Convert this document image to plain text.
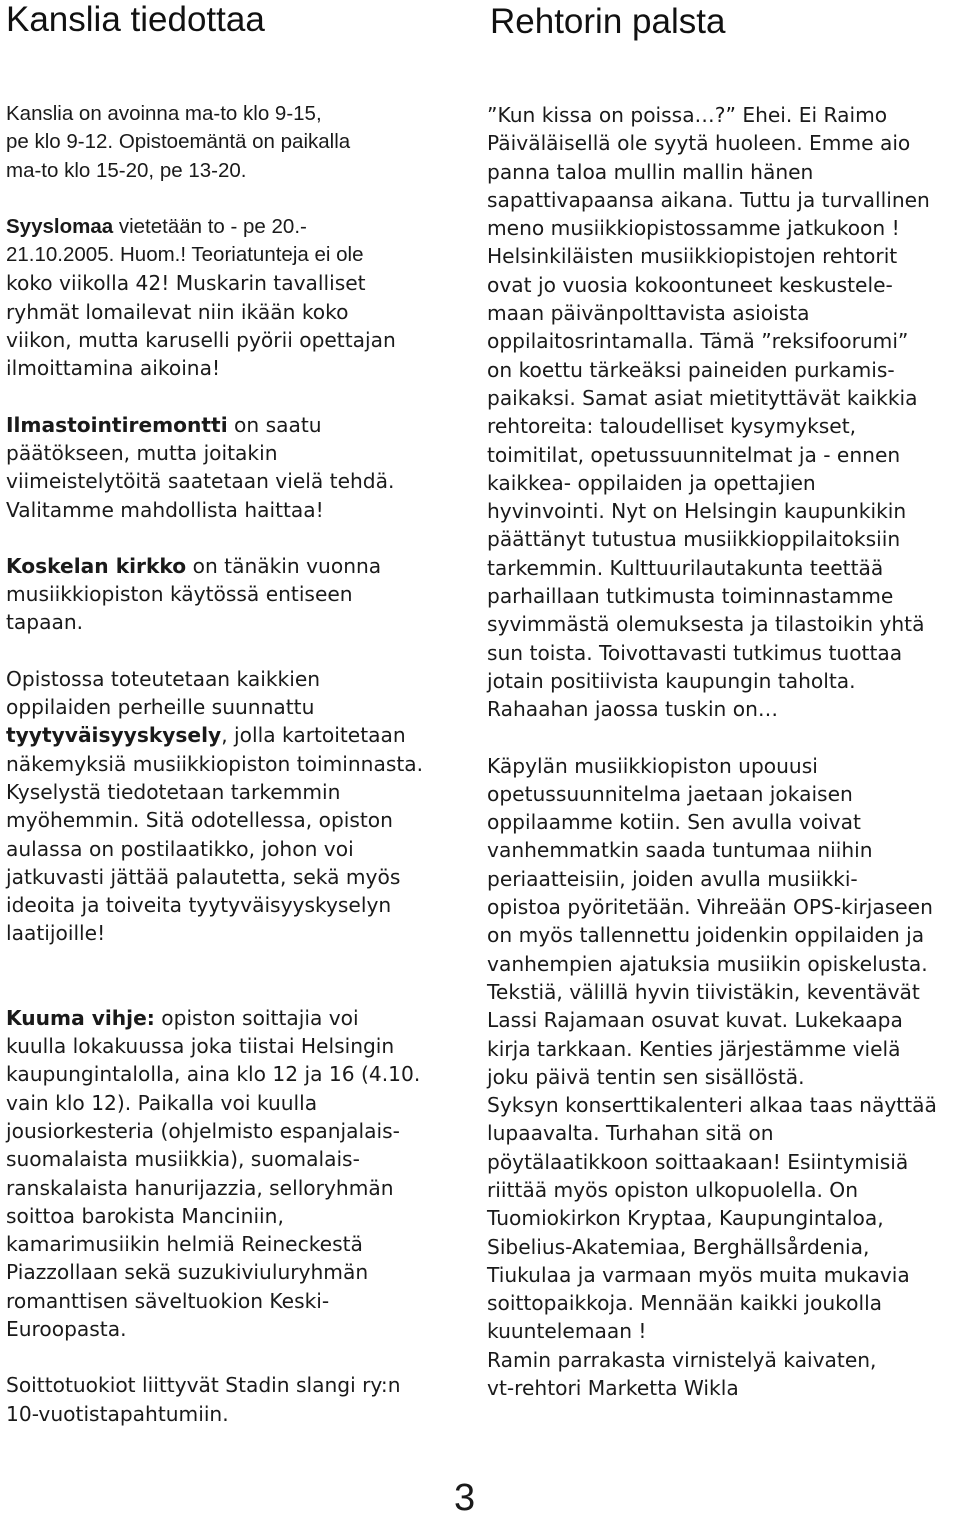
Kanslia tiedottaa	Rehtorin palsta

Kanslia on avoinna ma-to klo 9-15,
pe klo 9-12. Opistoemäntä on paikalla
ma-to klo 15-20, pe 13-20.

Syyslomaa vietetään to - pe 20.-
21.10.2005. Huom.! Teoriatunteja ei ole
koko viikolla 42! Muskarin tavalliset
ryhmät lomailevat niin ikään koko
viikon, mutta karuselli pyörii opettajan
ilmoittamina aikoina!

Ilmastointiremontti on saatu
päätökseen, mutta joitakin
viimeistelytöitä saatetaan vielä tehdä.
Valitamme mahdollista haittaa!

Koskelan kirkko on tänäkin vuonna
musiikkiopiston käytössä entiseen
tapaan.

Opistossa toteutetaan kaikkien
oppilaiden perheille suunnattu
tyytyväisyyskysely, jolla kartoitetaan
näkemyksiä musiikkiopiston toiminnasta.
Kyselystä tiedotetaan tarkemmin
myöhemmin. Sitä odotellessa, opiston
aulassa on postilaatikko, johon voi
jatkuvasti jättää palautetta, sekä myös
ideoita ja toiveita tyytyväisyyskyselyn
laatijoille!

Kuuma vihje: opiston soittajia voi
kuulla lokakuussa joka tiistai Helsingin
kaupungintalolla, aina klo 12 ja 16 (4.10.
vain klo 12). Paikalla voi kuulla
jousiorkesteria (ohjelmisto espanjalais-
suomalaista musiikkia), suomalais-
ranskalaista hanurijazzia, selloryhmän
soittoa barokista Manciniin,
kamarimusiikin helmiä Reineckestä
Piazzollaan sekä suzukiviuluryhmän
romanttisen säveltuokion Keski-
Euroopasta.

Soittotuokiot liittyvät Stadin slangi ry:n
10-vuotistapahtumiin.

”Kun kissa on poissa…?” Ehei. Ei Raimo
Päiväläisellä ole syytä huoleen. Emme aio
panna taloa mullin mallin hänen
sapattivapaansa aikana. Tuttu ja turvallinen
meno musiikkiopistossamme jatkukoon !
Helsinkiläisten musiikkiopistojen rehtorit
ovat jo vuosia kokoontuneet keskustele-
maan päivänpolttavista asioista
oppilaitosrintamalla. Tämä ”reksifoorumi”
on koettu tärkeäksi paineiden purkamis-
paikaksi. Samat asiat mietityttävät kaikkia
rehtoreita: taloudelliset kysymykset,
toimitilat, opetussuunnitelmat ja - ennen
kaikkea- oppilaiden ja opettajien
hyvinvointi. Nyt on Helsingin kaupunkikin
päättänyt tutustua musiikkioppilaitoksiin
tarkemmin. Kulttuurilautakunta teettää
parhaillaan tutkimusta toiminnastamme
syvimmästä olemuksesta ja tilastoikin yhtä
sun toista. Toivottavasti tutkimus tuottaa
jotain positiivista kaupungin taholta.
Rahaahan jaossa tuskin on…

Käpylän musiikkiopiston upouusi
opetussuunnitelma jaetaan jokaisen
oppilaamme kotiin. Sen avulla voivat
vanhemmatkin saada tuntumaa niihin
periaatteisiin, joiden avulla musiikki-
opistoa pyöritetään. Vihreään OPS-kirjaseen
on myös tallennettu joidenkin oppilaiden ja
vanhempien ajatuksia musiikin opiskelusta.
Tekstiä, välillä hyvin tiivistäkin, keventävät
Lassi Rajamaan osuvat kuvat. Lukekaapa
kirja tarkkaan. Kenties järjestämme vielä
joku päivä tentin sen sisällöstä.
Syksyn konserttikalenteri alkaa taas näyttää
lupaavalta. Turhahan sitä on
pöytälaatikkoon soittaakaan! Esiintymisiä
riittää myös opiston ulkopuolella. On
Tuomiokirkon Kryptaa, Kaupungintaloa,
Sibelius-Akatemiaa, Berghällsårdenia,
Tiukulaa ja varmaan myös muita mukavia
soittopaikkoja. Mennään kaikki joukolla
kuuntelemaan !
Ramin parrakasta virnistelyä kaivaten,
vt-rehtori Marketta Wikla

3
